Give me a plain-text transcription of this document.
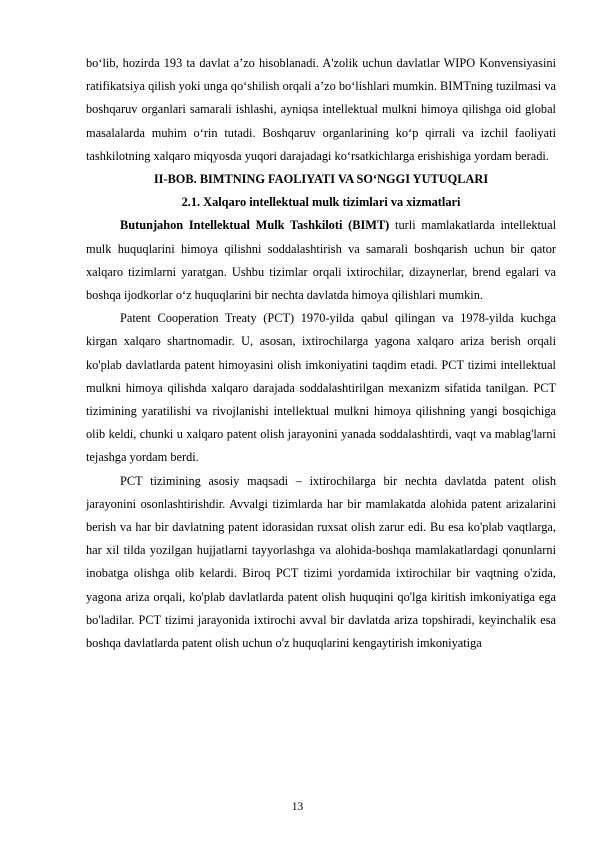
bo‘lib, hozirda 193 ta davlat a’zo hisoblanadi. A'zolik uchun davlatlar WIPO Konvensiyasini ratifikatsiya qilish yoki unga qo‘shilish orqali a’zo bo‘lishlari mumkin. BIMTning tuzilmasi va boshqaruv organlari samarali ishlashi, ayniqsa intellektual mulkni himoya qilishga oid global masalalarda muhim o‘rin tutadi. Boshqaruv organlarining ko‘p qirrali va izchil faoliyati tashkilotning xalqaro miqyosda yuqori darajadagi ko‘rsatkichlarga erishishiga yordam beradi.

II-BOB. BIMTNING FAOLIYATI VA SO‘NGGI YUTUQLARI

2.1. Xalqaro intellektual mulk tizimlari va xizmatlari

Butunjahon Intellektual Mulk Tashkiloti (BIMT) turli mamlakatlarda intellektual mulk huquqlarini himoya qilishni soddalashtirish va samarali boshqarish uchun bir qator xalqaro tizimlarni yaratgan. Ushbu tizimlar orqali ixtirochilar, dizaynerlar, brend egalari va boshqa ijodkorlar o‘z huquqlarini bir nechta davlatda himoya qilishlari mumkin.

Patent Cooperation Treaty (PCT) 1970-yilda qabul qilingan va 1978-yilda kuchga kirgan xalqaro shartnomadir. U, asosan, ixtirochilarga yagona xalqaro ariza berish orqali ko'plab davlatlarda patent himoyasini olish imkoniyatini taqdim etadi. PCT tizimi intellektual mulkni himoya qilishda xalqaro darajada soddalashtirilgan mexanizm sifatida tanilgan. PCT tizimining yaratilishi va rivojlanishi intellektual mulkni himoya qilishning yangi bosqichiga olib keldi, chunki u xalqaro patent olish jarayonini yanada soddalashtirdi, vaqt va mablag'larni tejashga yordam berdi.

PCT tizimining asosiy maqsadi – ixtirochilarga bir nechta davlatda patent olish jarayonini osonlashtirishdir. Avvalgi tizimlarda har bir mamlakatda alohida patent arizalarini berish va har bir davlatning patent idorasidan ruxsat olish zarur edi. Bu esa ko'plab vaqtlarga, har xil tilda yozilgan hujjatlarni tayyorlashga va alohida-boshqa mamlakatlardagi qonunlarni inobatga olishga olib kelardi. Biroq PCT tizimi yordamida ixtirochilar bir vaqtning o'zida, yagona ariza orqali, ko'plab davlatlarda patent olish huquqini qo'lga kiritish imkoniyatiga ega bo'ladilar. PCT tizimi jarayonida ixtirochi avval bir davlatda ariza topshiradi, keyinchalik esa boshqa davlatlarda patent olish uchun o'z huquqlarini kengaytirish imkoniyatiga

13
